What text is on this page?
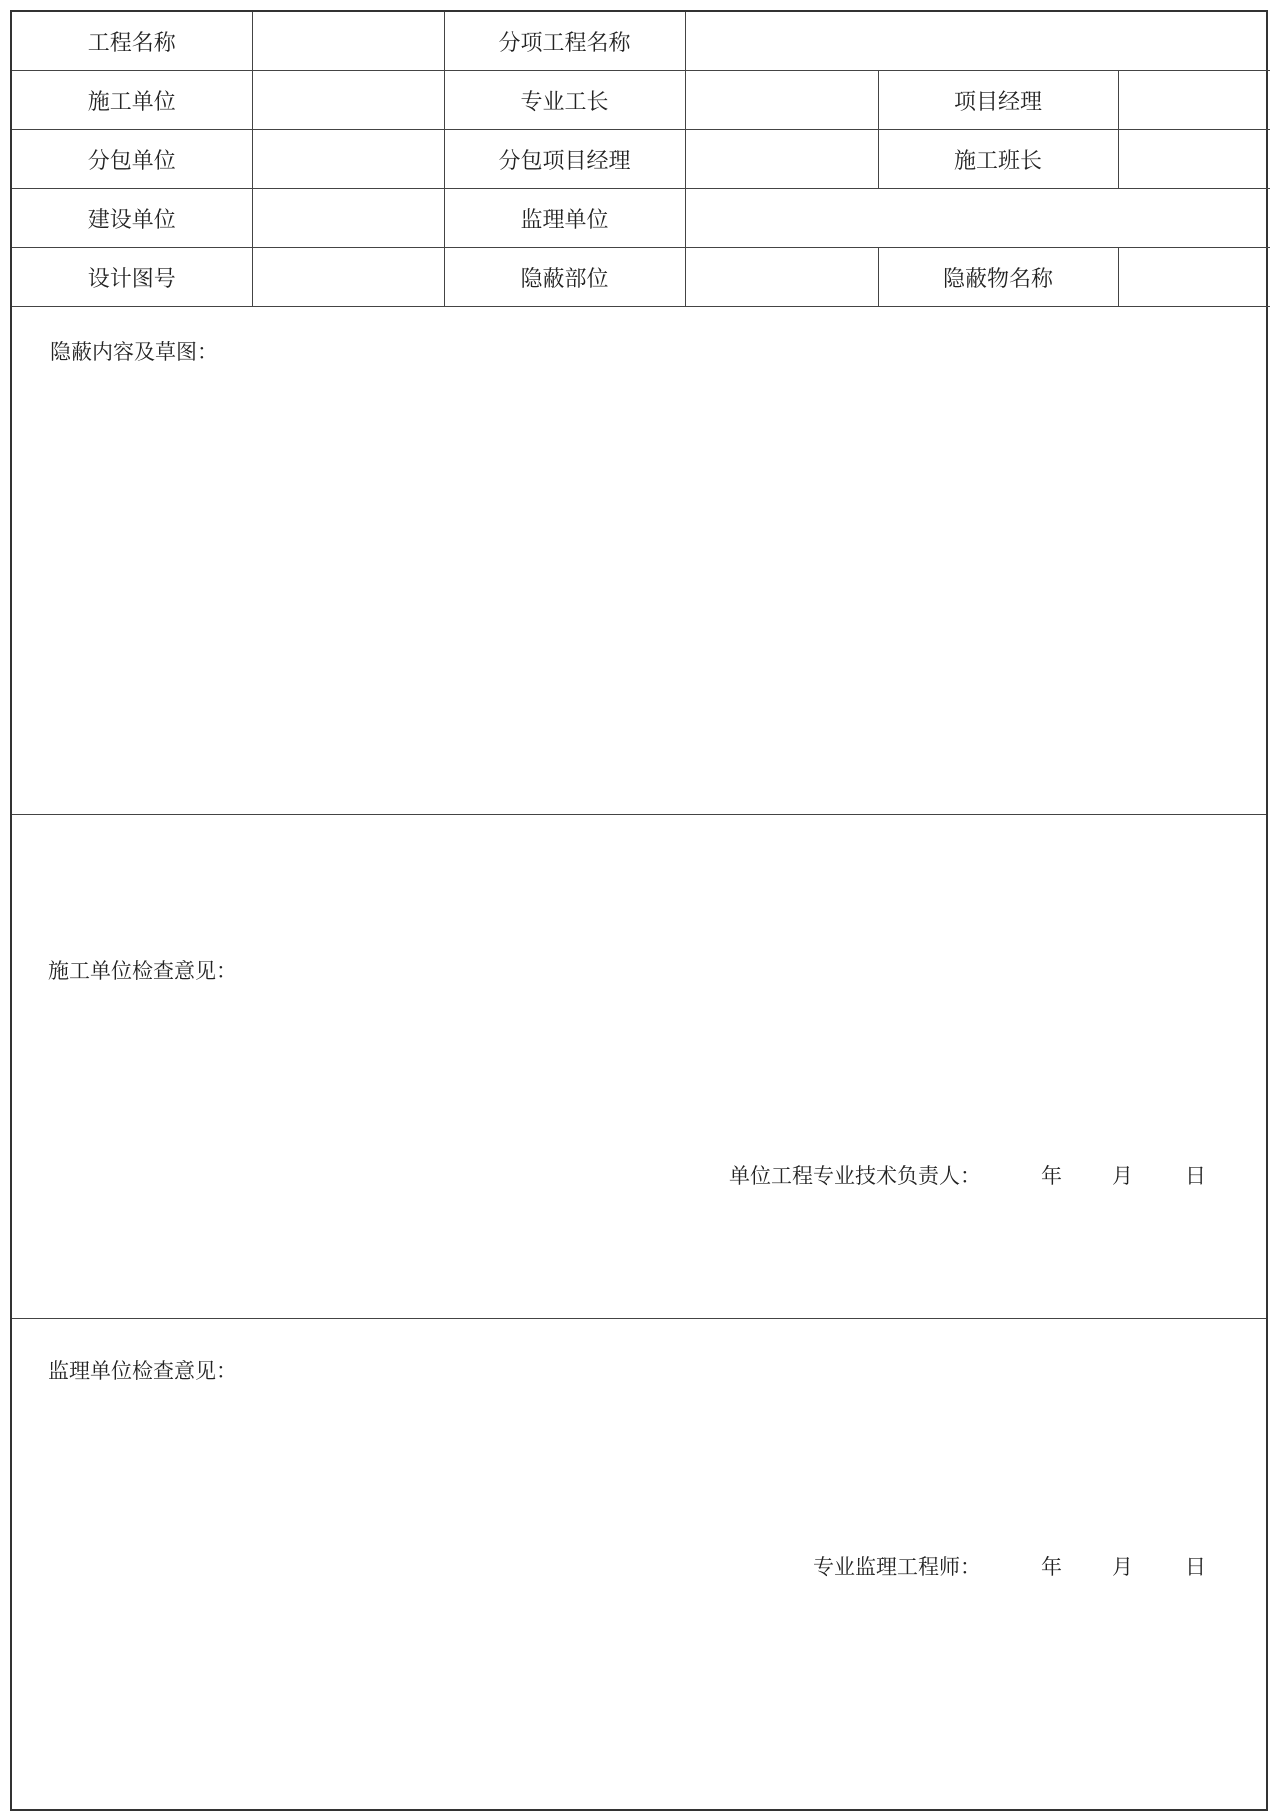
工程名称		分项工程名称			
施工单位		专业工长		项目经理	
分包单位		分包项目经理		施工班长	
建设单位		监理单位			
设计图号		隐蔽部位		隐蔽物名称	
隐蔽内容及草图：
施工单位检查意见：
单位工程专业技术负责人：	年 月 日
监理单位检查意见：
专业监理工程师：	年 月 日
